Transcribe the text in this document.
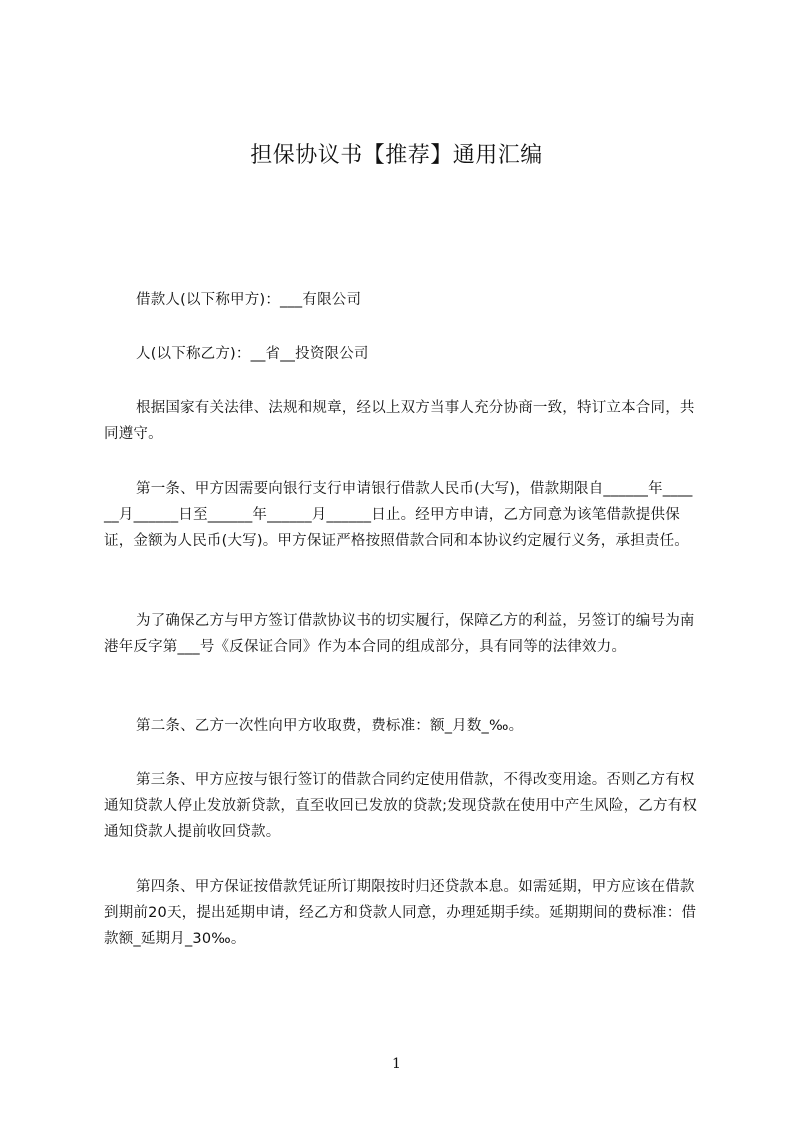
担保协议书【推荐】通用汇编

借款人(以下称甲方)：___有限公司

人(以下称乙方)：__省__投资限公司

根据国家有关法律、法规和规章，经以上双方当事人充分协商一致，特订立本合同，共同遵守。

第一条、甲方因需要向银行支行申请银行借款人民币(大写)，借款期限自______年______月______日至______年______月______日止。经甲方申请，乙方同意为该笔借款提供保证，金额为人民币(大写)。甲方保证严格按照借款合同和本协议约定履行义务，承担责任。

为了确保乙方与甲方签订借款协议书的切实履行，保障乙方的利益，另签订的编号为南港年反字第___号《反保证合同》作为本合同的组成部分，具有同等的法律效力。

第二条、乙方一次性向甲方收取费，费标准：额_月数_‰。

第三条、甲方应按与银行签订的借款合同约定使用借款，不得改变用途。否则乙方有权通知贷款人停止发放新贷款，直至收回已发放的贷款;发现贷款在使用中产生风险，乙方有权通知贷款人提前收回贷款。

第四条、甲方保证按借款凭证所订期限按时归还贷款本息。如需延期，甲方应该在借款到期前20天，提出延期申请，经乙方和贷款人同意，办理延期手续。延期期间的费标准：借款额_延期月_30‰。

1
